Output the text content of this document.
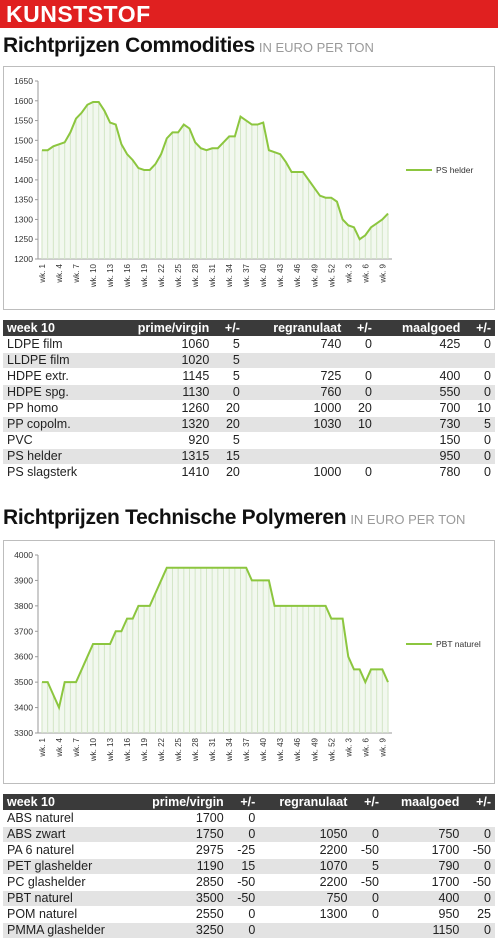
KUNSTSTOF
Richtprijzen Commodities IN EURO PER TON
1200
1250
1300
1350
1400
1450
1500
1550
1600
1650
wk. 1 wk. 4 wk. 7 wk. 10 wk. 13 wk. 16 wk. 19 wk. 22 wk. 25 wk. 28 wk. 31 wk. 34 wk. 37 wk. 40 wk. 43 wk. 46 wk. 49 wk. 52 wk. 3 wk. 6 wk. 9
PS helder
week 10	prime/virgin	+/-	regranulaat	+/-	maalgoed	+/-
LDPE film	1060	5	740	0	425	0
LLDPE film	1020	5				
HDPE extr.	1145	5	725	0	400	0
HDPE spg.	1130	0	760	0	550	0
PP homo	1260	20	1000	20	700	10
PP copolm.	1320	20	1030	10	730	5
PVC	920	5			150	0
PS helder	1315	15			950	0
PS slagsterk	1410	20	1000	0	780	0
Richtprijzen Technische Polymeren IN EURO PER TON
3300
3400
3500
3600
3700
3800
3900
4000
wk. 1 wk. 4 wk. 7 wk. 10 wk. 13 wk. 16 wk. 19 wk. 22 wk. 25 wk. 28 wk. 31 wk. 34 wk. 37 wk. 40 wk. 43 wk. 46 wk. 49 wk. 52 wk. 3 wk. 6 wk. 9
PBT naturel
week 10	prime/virgin	+/-	regranulaat	+/-	maalgoed	+/-
ABS naturel	1700	0				
ABS zwart	1750	0	1050	0	750	0
PA 6 naturel	2975	-25	2200	-50	1700	-50
PET glashelder	1190	15	1070	5	790	0
PC glashelder	2850	-50	2200	-50	1700	-50
PBT naturel	3500	-50	750	0	400	0
POM naturel	2550	0	1300	0	950	25
PMMA glashelder	3250	0			1150	0
